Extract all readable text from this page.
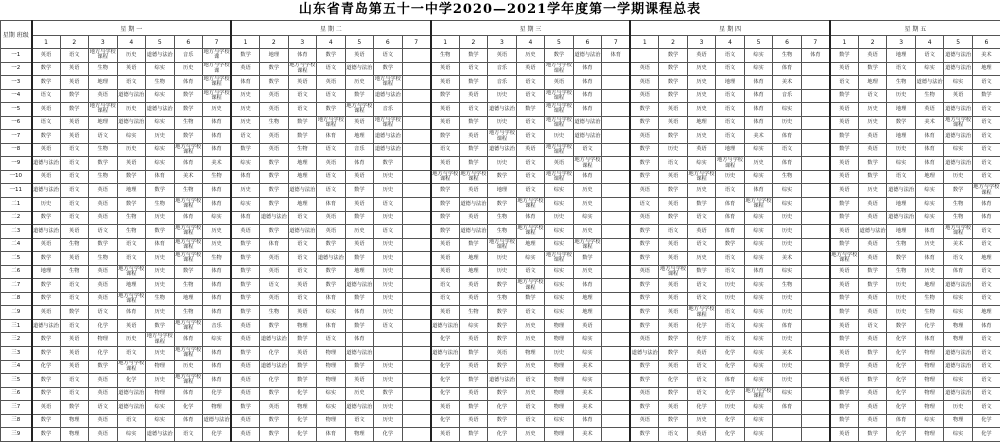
山东省青岛第五十一中学2020—2021学年度第一学期课程总表
星期 班级	星 期 一							星 期 二							星 期 三							星 期 四							星 期 五						
	1	2	3	4	5	6	7	1	2	3	4	5	6	7	1	2	3	4	5	6	7	1	2	3	4	5	6	7	1	2	3	4	5	6	
一1	英语	语文	地方与学校课程	历史	道德与法治	音乐	地方与学校课	数学	地理	体育	数学	英语	语文		生物	数学	英语	历史	数学	道德与法治	体育		数学	英语	语文	综实	生物	体育	数学	英语	地理	语文	道德与法治	美术	
一2	数学	英语	生物	英语	综实	历史	地方与学校课	英语	数学	地方与学校课程	语文	道德与法治	数学		英语	语文	音乐	英语	地方与学校课程	体育		英语	数学	历史	语文	综实	体育		英语	数学	语文	综实	道德与法治	地理	
一3	数学	英语	地理	语文	生物	体育	地方与学校课程	体育	数学	英语	英语	历史	地方与学校课程		英语	数学	音乐	语文	英语	体育		英语	数学	历史	地理	体育	美术		语文	地理	生物	道德与法治	综实	语文	
一4	语文	数学	英语	道德与法治	综实	数学	地方与学校课程	历史	英语	语文	语文	数学	道德与法治		数学	英语	历史	语文	地方与学校课程	体育		英语	数学	历史	语文	体育	音乐		数学	语文	历史	生物	英语	数学	
一5	英语	数学	地方与学校课程	历史	道德与法治	数学	历史	历史	英语	语文	数学	地方与学校课程	音乐		英语	语文	道德与法治	数学	地方与学校课程	体育		数学	英语	历史	语文	体育	综实		英语	历史	地理	英语	道德与法治	语文	
一6	语文	英语	地理	道德与法治	综实	生物	体育	历史	生物	数学	地方与学校课程	英语	地方与学校课程		英语	数学	历史	语文	地方与学校课程	道德与法治		数学	英语	地理	语文	体育	历史		英语	历史	数学	美术	地方与学校课程	语文	
一7	数学	英语	语文	综实	历史	数学	体育	语文	英语	数学	体育	地理	道德与法治		数学	英语	地方与学校课程	语文	历史	道德与法治		英语	数学	历史	语文	美术	体育		数学	英语	地理	体育	道德与法治	语文	
一8	英语	语文	生物	历史	综实	地方与学校课程	体育	数学	英语	生物	语文	音乐	道德与法治		语文	数学	道德与法治	英语	地方与学校课程	语文		数学	历史	英语	地理	综实	语文		数学	英语	历史	体育	综实	语文	
一9	道德与法治	语文	数学	英语	综实	体育	美术	综实	数学	地理	英语	体育	数学		英语	数学	历史	语文	英语	地方与学校课程		数学	语文	综实	地方与学校课程	历史	体育		英语	数学	综实	体育	道德与法治	语文	
一10	英语	语文	生物	数学	体育	美术	生物	体育	数学	地理	语文	英语	历史		地方与学校课程	地方与学校课程	数学	语文	地方与学校课程	体育		数学	英语	地方与学校课程	历史	综实	生物		英语	数学	语文	地理	历史	语文	
一11	道德与法治	语文	英语	地理	数学	生物	体育	历史	数学	道德与法治	语文	数学	历史		数学	英语	地理	语文	综实	历史		英语	数学	历史	语文	体育	综实		英语	历史	道德与法治	综实	数学	地方与学校课程	
二1	历史	语文	英语	数学	生物	地方与学校课程	体育	综实	数学	地理	体育	英语	语文		数学	道德与法治	数学	地方与学校课程	综实	历史		语文	英语	数学	体育	地方与学校课程	综实		数学	英语	地理	综实	生物	体育	
二2	数学	语文	英语	生物	历史	体育	综实	体育	道德与法治	语文	英语	数学	历史		数学	英语	生物	体育	历史	综实		英语	数学	语文	体育	综实	历史		数学	英语	道德与法治	综实	生物	体育	
二3	道德与法治	英语	语文	生物	数学	地方与学校课程	历史	英语	数学	道德与法治	英语	历史	语文		数学	道德与法治	生物	地方与学校课程	综实	历史		数学	语文	英语	体育	综实	历史		英语	道德与法治	地理	体育	地方与学校课程	语文	
二4	英语	生物	数学	语文	体育	地方与学校课程	历史	数学	体育	语文	数学	英语	历史		英语	数学	地方与学校课程	地理	综实	地方与学校课程		数学	英语	语文	数学	综实	历史		数学	英语	生物	历史	美术	语文	
二5	数学	英语	生物	语文	历史	地方与学校课程	生物	数学	英语	语文	道德与法治	数学	历史		英语	地理	历史	综实	地方与学校课程	数学		数学	英语	历史	语文	综实	美术		地方与学校课程	英语	数学	体育	语文	地理	
二6	地理	生物	英语	地方与学校课程	历史	数学	体育	数学	英语	语文	数学	地理	历史		英语	地理	历史	语文	综实	历史		英语	地方与学校课程	数学	语文	体育	综实		英语	数学	生物	历史	体育	语文	
二7	数学	语文	英语	地理	历史	生物	体育	数学	语文	英语	数学	道德与法治	历史		语文	英语	数学	地方与学校课程	综实	体育		数学	英语	语文	历史	综实	生物		英语	数学	历史	地理	道德与法治	语文	
二8	数学	语文	英语	地方与学校课程	生物	地理	体育	数学	英语	语文	体育	数学	历史		语文	英语	生物	数学	综实	地理		数学	英语	语文	历史	综实	历史		数学	英语	历史	生物	综实	语文	
二9	英语	数学	语文	体育	历史	生物	体育	数学	生物	英语	综实	体育	历史		英语	生物	数学	语文	综实	地理		数学	英语	地方与学校课程	语文	综实	历史		数学	英语	历史	生物	综实	地理	
三1	道德与法治	语文	化学	英语	数学	地方与学校课程	音乐	英语	数学	物理	体育	数学	语文		道德与法治	综实	数学	历史	物理	英语		数学	英语	化学	语文	综实	体育		英语	语文	数学	化学	物理	体育	
三2	数学	英语	物理	历史	地方与学校课程	体育	综实	英语	道德与法治	数学	语文	体育			化学	英语	数学	历史	物理	综实		英语	数学	化学	语文	综实	历史		数学	英语	化学	体育	物理	语文	
三3	数学	英语	化学	语文	历史	地方与学校课程	体育	数学	化学	英语	物理	道德与法治			道德与法治	数学	英语	物理	历史	综实		道德与法治	数学	英语	化学	综实	美术		英语	数学	化学	物理	道德与法治	语文	
三4	化学	英语	数学	地方与学校课程	物理	历史	体育	英语	道德与法治	数学	物理	数学	历史		化学	英语	数学	历史	物理	美术		数学	英语	语文	化学	综实	历史		数学	英语	化学	物理	道德与法治	语文	
三5	数学	语文	英语	化学	历史	地方与学校课程	体育	英语	化学	数学	物理	英语	历史		化学	数学	道德与法治	语文	物理	综实		数学	化学	语文	体育	综实	历史		英语	数学	化学	物理	综实	语文	
三6	数学	语文	英语	道德与法治	物理	体育	化学	英语	数学	化学	综实	历史	数学		化学	英语	数学	历史	物理	美术		英语	数学	语文	化学	地方与学校课程	综实		数学	英语	化学	物理	道德与法治	语文	
三7	英语	数学	语文	道德与法治	综实	化学	物理	数学	英语	物理	综实	道德与法治	历史		英语	数学	化学	语文	物理	美术		数学	英语	化学	历史	综实	体育		数学	英语	化学	物理	历史	语文	
三8	数学	物理	英语	语文	综实	体育	道德与法治	英语	数学	化学	物理	语文	历史		化学	英语	数学	语文	综实	体育		英语	数学	历史	化学	综实			数学	英语	体育	综实	物理	化学	
三9	数学	物理	英语	综实	道德与法治	语文	化学	英语	数学	化学	体育	物理	化学		英语	数学	化学	历史	物理	美术		数学	语文	英语	化学	综实			英语	数学	化学	物理	综实	化学	
